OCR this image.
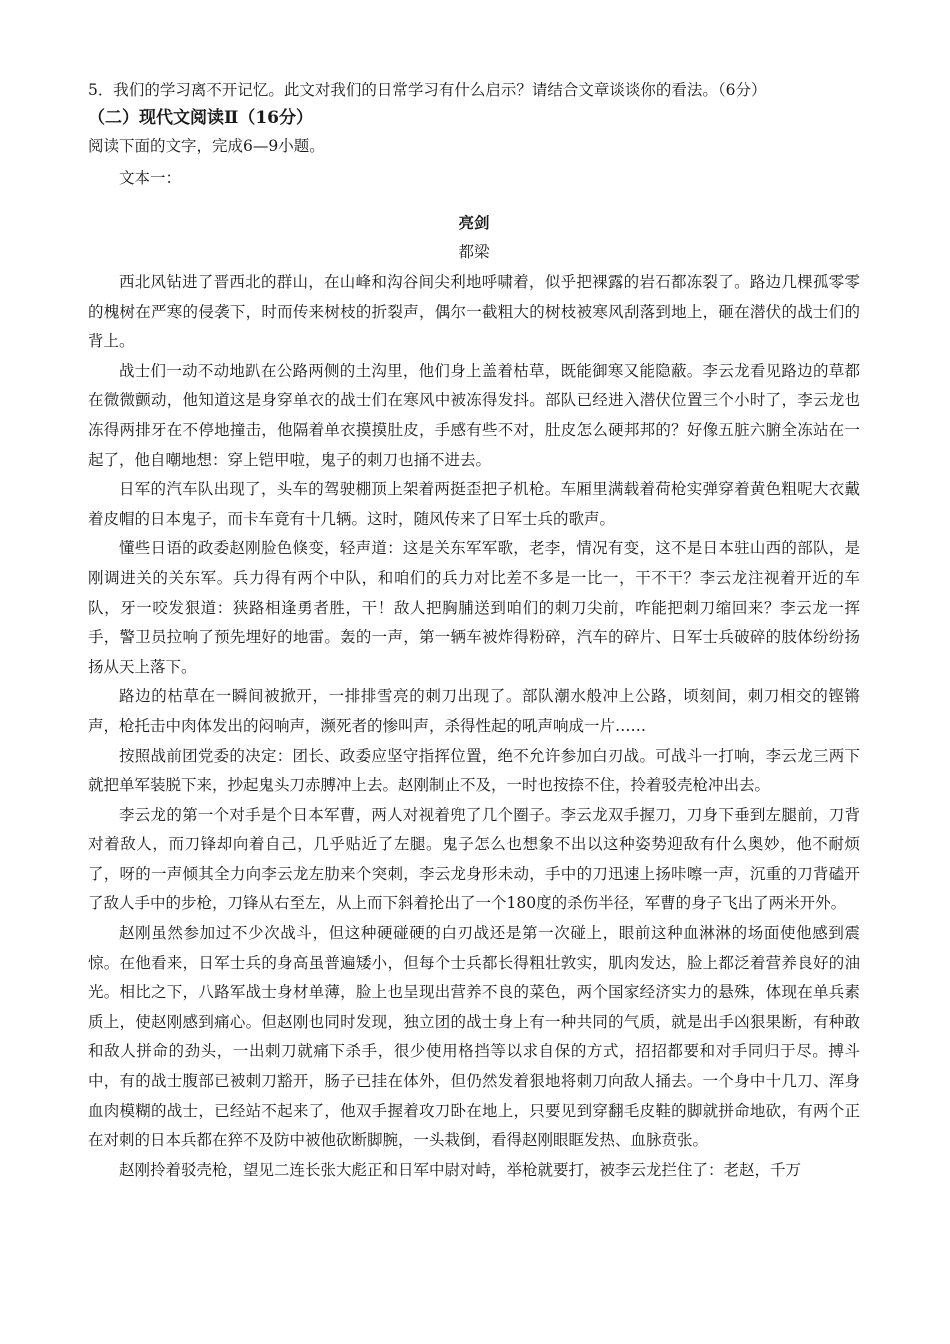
5．我们的学习离不开记忆。此文对我们的日常学习有什么启示？请结合文章谈谈你的看法。（6分）
（二）现代文阅读Ⅱ（16分）
阅读下面的文字，完成6—9小题。
文本一：
亮剑
都梁

西北风钻进了晋西北的群山，在山峰和沟谷间尖利地呼啸着，似乎把裸露的岩石都冻裂了。路边几棵孤零零的槐树在严寒的侵袭下，时而传来树枝的折裂声，偶尔一截粗大的树枝被寒风刮落到地上，砸在潜伏的战士们的背上。

战士们一动不动地趴在公路两侧的土沟里，他们身上盖着枯草，既能御寒又能隐蔽。李云龙看见路边的草都在微微颤动，他知道这是身穿单衣的战士们在寒风中被冻得发抖。部队已经进入潜伏位置三个小时了，李云龙也冻得两排牙在不停地撞击，他隔着单衣摸摸肚皮，手感有些不对，肚皮怎么硬邦邦的？好像五脏六腑全冻站在一起了，他自嘲地想：穿上铠甲啦，鬼子的刺刀也捅不进去。

日军的汽车队出现了，头车的驾驶棚顶上架着两挺歪把子机枪。车厢里满载着荷枪实弹穿着黄色粗呢大衣戴着皮帽的日本鬼子，而卡车竟有十几辆。这时，随风传来了日军士兵的歌声。

懂些日语的政委赵刚脸色倏变，轻声道：这是关东军军歌，老李，情况有变，这不是日本驻山西的部队，是刚调进关的关东军。兵力得有两个中队，和咱们的兵力对比差不多是一比一，干不干？李云龙注视着开近的车队，牙一咬发狠道：狭路相逢勇者胜，干！敌人把胸脯送到咱们的刺刀尖前，咋能把刺刀缩回来？李云龙一挥手，警卫员拉响了预先埋好的地雷。轰的一声，第一辆车被炸得粉碎，汽车的碎片、日军士兵破碎的肢体纷纷扬扬从天上落下。

路边的枯草在一瞬间被掀开，一排排雪亮的刺刀出现了。部队潮水般冲上公路，顷刻间，刺刀相交的铿锵声，枪托击中肉体发出的闷响声，濒死者的惨叫声，杀得性起的吼声响成一片……

按照战前团党委的决定：团长、政委应坚守指挥位置，绝不允许参加白刃战。可战斗一打响，李云龙三两下就把单军装脱下来，抄起鬼头刀赤膊冲上去。赵刚制止不及，一时也按捺不住，拎着驳壳枪冲出去。

李云龙的第一个对手是个日本军曹，两人对视着兜了几个圈子。李云龙双手握刀，刀身下垂到左腿前，刀背对着敌人，而刀锋却向着自己，几乎贴近了左腿。鬼子怎么也想象不出以这种姿势迎敌有什么奥妙，他不耐烦了，呀的一声倾其全力向李云龙左肋来个突刺，李云龙身形未动，手中的刀迅速上扬咔嚓一声，沉重的刀背磕开了敌人手中的步枪，刀锋从右至左，从上而下斜着抡出了一个180度的杀伤半径，军曹的身子飞出了两米开外。

赵刚虽然参加过不少次战斗，但这种硬碰硬的白刃战还是第一次碰上，眼前这种血淋淋的场面使他感到震惊。在他看来，日军士兵的身高虽普遍矮小，但每个士兵都长得粗壮敦实，肌肉发达，脸上都泛着营养良好的油光。相比之下，八路军战士身材单薄，脸上也呈现出营养不良的菜色，两个国家经济实力的悬殊，体现在单兵素质上，使赵刚感到痛心。但赵刚也同时发现，独立团的战士身上有一种共同的气质，就是出手凶狠果断，有种敢和敌人拼命的劲头，一出刺刀就痛下杀手，很少使用格挡等以求自保的方式，招招都要和对手同归于尽。搏斗中，有的战士腹部已被刺刀豁开，肠子已挂在体外，但仍然发着狠地将刺刀向敌人捅去。一个身中十几刀、浑身血肉模糊的战士，已经站不起来了，他双手握着攻刀卧在地上，只要见到穿翻毛皮鞋的脚就拼命地砍，有两个正在对刺的日本兵都在猝不及防中被他砍断脚腕，一头栽倒，看得赵刚眼眶发热、血脉贲张。

赵刚拎着驳壳枪，望见二连长张大彪正和日军中尉对峙，举枪就要打，被李云龙拦住了：老赵，千万
